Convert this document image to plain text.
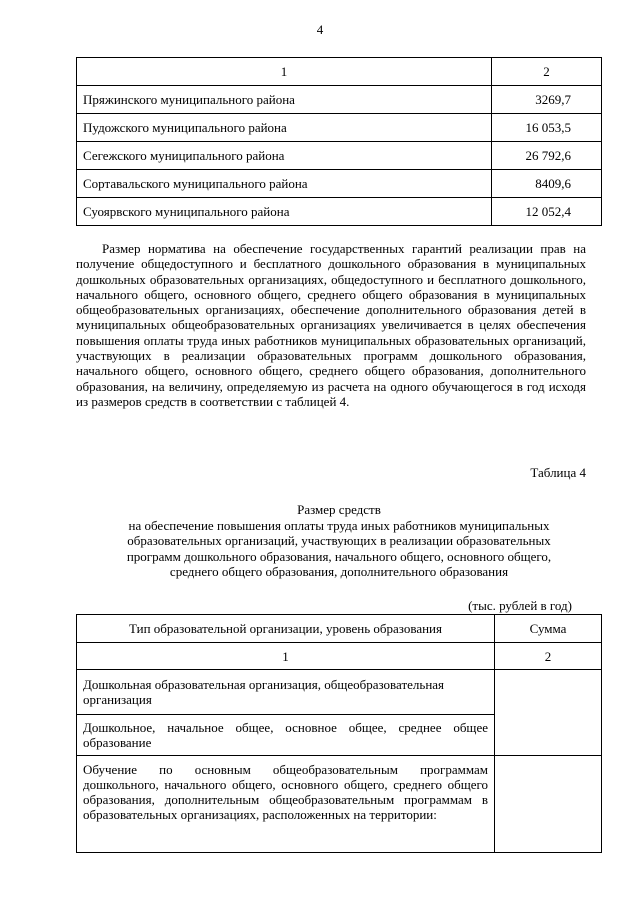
4
1	2
Пряжинского муниципального района	3269,7
Пудожского муниципального района	16 053,5
Сегежского муниципального района	26 792,6
Сортавальского муниципального района	8409,6
Суоярвского муниципального района	12 052,4

Размер норматива на обеспечение государственных гарантий реализации прав на получение общедоступного и бесплатного дошкольного образования в муниципальных дошкольных образовательных организациях, общедоступного и бесплатного дошкольного, начального общего, основного общего, среднего общего образования в муниципальных общеобразовательных организациях, обеспечение дополнительного образования детей в муниципальных общеобразовательных организациях увеличивается в целях обеспечения повышения оплаты труда иных работников муниципальных образовательных организаций, участвующих в реализации образовательных программ дошкольного образования, начального общего, основного общего, среднего общего образования, дополнительного образования, на величину, определяемую из расчета на одного обучающегося в год исходя из размеров средств в соответствии с таблицей 4.

Таблица 4
Размер средств
на обеспечение повышения оплаты труда иных работников муниципальных
образовательных организаций, участвующих в реализации образовательных
программ дошкольного образования, начального общего, основного общего,
среднего общего образования, дополнительного образования
(тыс. рублей в год)
Тип образовательной организации, уровень образования	Сумма
1	2
Дошкольная образовательная организация, общеобразовательная организация	
Дошкольное, начальное общее, основное общее, среднее общее образование	
Обучение по основным общеобразовательным программам дошкольного, начального общего, основного общего, среднего общего образования, дополнительным общеобразовательным программам в образовательных организациях, расположенных на территории:	
